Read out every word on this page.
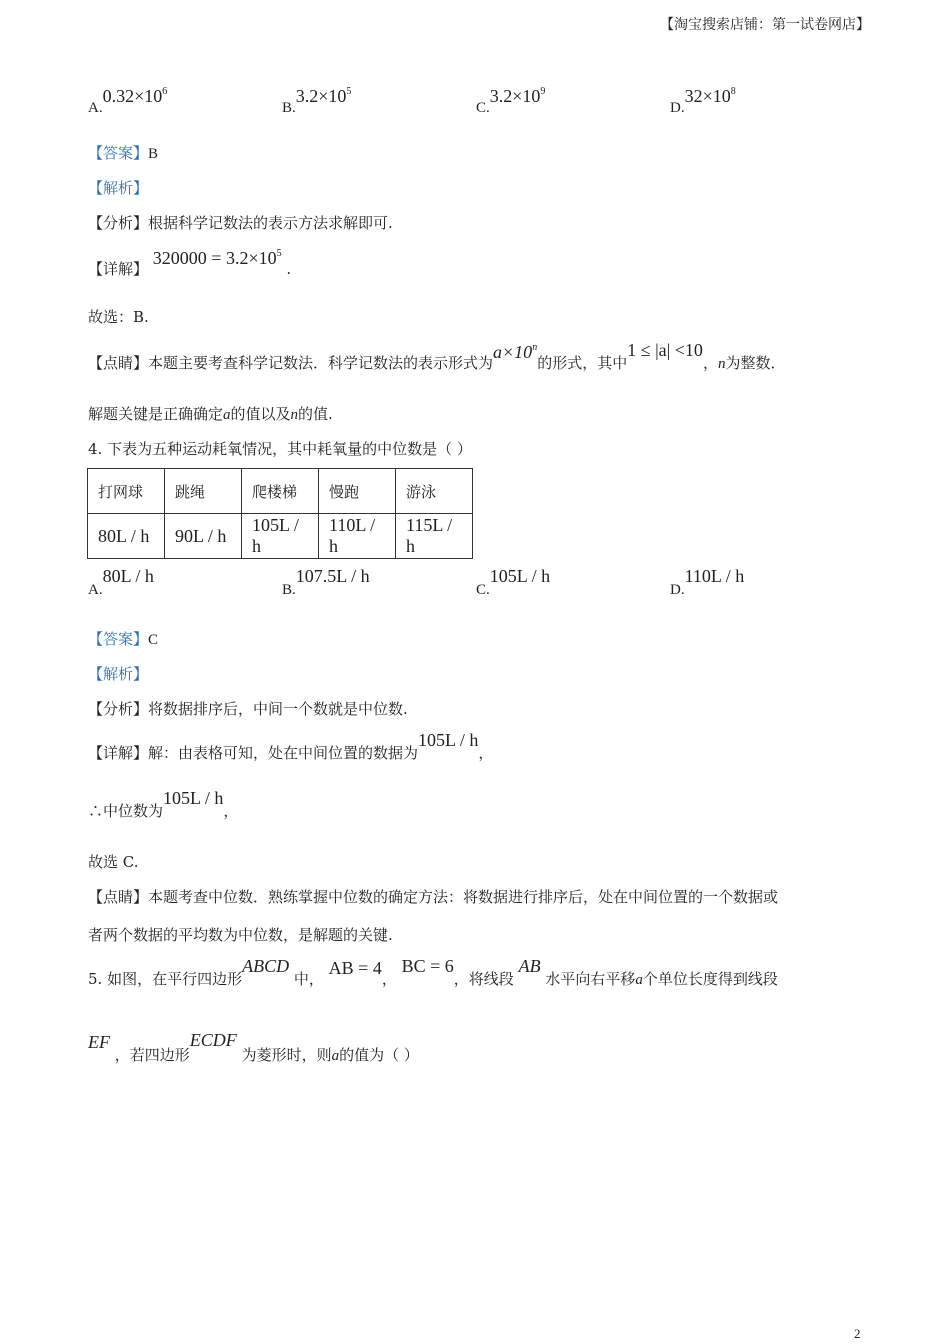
【淘宝搜索店铺：第一试卷网店】
$A.0.32\times 10^6$
$B.3.2\times 10^5$
$C.3.2\times 10^9$
$D.32\times 10^8$
【答案】B
【解析】
【分析】根据科学记数法的表示方法求解即可.
【详解】 $320000 = 3.2\times 10^5$ .
故选：B.
【点睛】本题主要考查科学记数法．科学记数法的表示形式为$a\times 10^n$的形式，其中1 ≤ |a| <10，n为整数．
解题关键是正确确定a的值以及n的值.
4. 下表为五种运动耗氧情况，其中耗氧量的中位数是（ ）
打网球	跳绳	爬楼梯	慢跑	游泳
80L / h	90L / h	105L / h	110L / h	115L / h
A.80L / h
B.107.5L / h
C.105L / h
D.110L / h
【答案】C
【解析】
【分析】将数据排序后，中间一个数就是中位数.
【详解】解：由表格可知，处在中间位置的数据为105L / h，
∴中位数为105L / h，
故选 C.
【点睛】本题考查中位数．熟练掌握中位数的确定方法：将数据进行排序后，处在中间位置的一个数据或
者两个数据的平均数为中位数，是解题的关键.
5. 如图，在平行四边形ABCD 中， AB = 4， BC = 6，将线段 AB 水平向右平移a个单位长度得到线段
EF ，若四边形ECDF 为菱形时，则a的值为（ ）
2
